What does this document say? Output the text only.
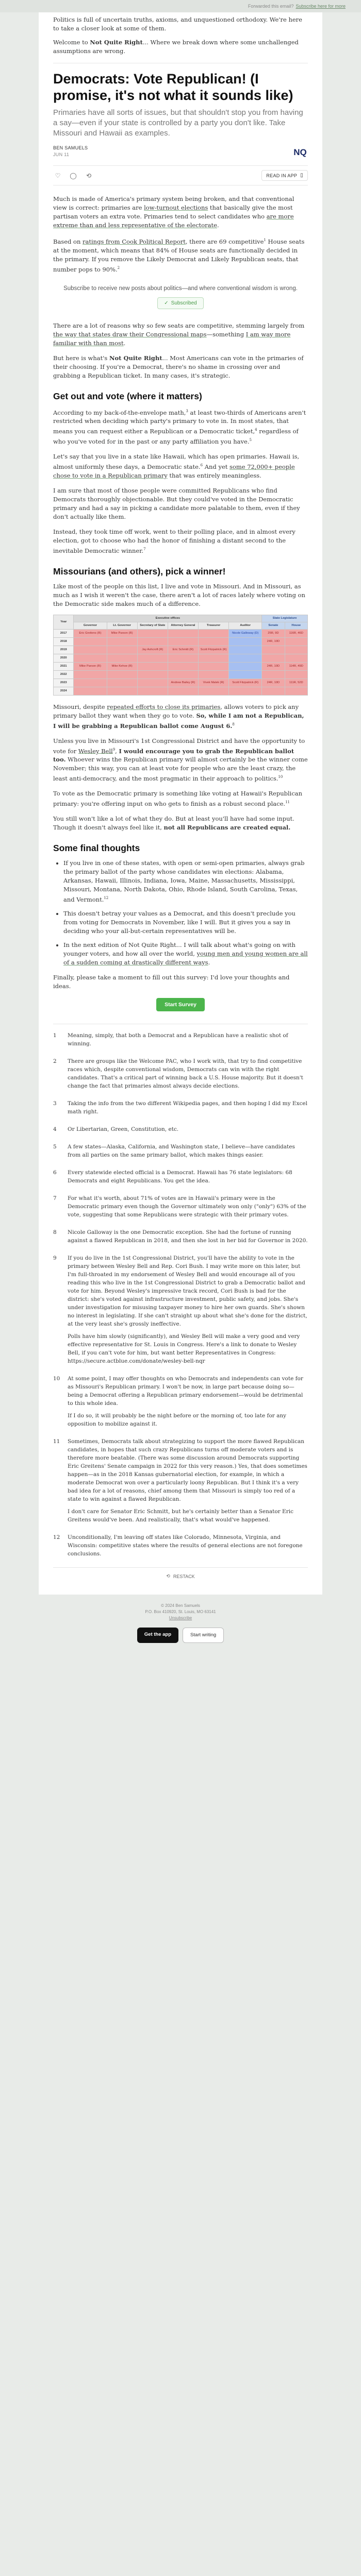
Forwarded this email? Subscribe here for more

Politics is full of uncertain truths, axioms, and unquestioned orthodoxy. We're here to take a closer look at some of them.

Welcome to Not Quite Right... Where we break down where some unchallenged assumptions are wrong.

Democrats: Vote Republican! (I promise, it's not what it sounds like)
Primaries have all sorts of issues, but that shouldn't stop you from having a say—even if your state is controlled by a party you don't like. Take Missouri and Hawaii as examples.
BEN SAMUELS
JUN 11	NQ
♡	◯	⟲	READ IN APP ▯

Much is made of America's primary system being broken, and that conventional view is correct: primaries are low-turnout elections that basically give the most partisan voters an extra vote. Primaries tend to select candidates who are more extreme than and less representative of the electorate.

Based on ratings from Cook Political Report, there are 69 competitive$^1$ House seats at the moment, which means that 84% of House seats are functionally decided in the primary. If you remove the Likely Democrat and Likely Republican seats, that number pops to 90%.$^2$

Subscribe to receive new posts about politics—and where conventional wisdom is wrong.
✓ Subscribed

There are a lot of reasons why so few seats are competitive, stemming largely from the way that states draw their Congressional maps—something I am way more familiar with than most.

But here is what's Not Quite Right... Most Americans can vote in the primaries of their choosing. If you're a Democrat, there's no shame in crossing over and grabbing a Republican ticket. In many cases, it's strategic.

Get out and vote (where it matters)

According to my back-of-the-envelope math,$^3$ at least two-thirds of Americans aren't restricted when deciding which party's primary to vote in. In most states, that means you can request either a Republican or a Democratic ticket,$^4$ regardless of who you've voted for in the past or any party affiliation you have.$^5$

Let's say that you live in a state like Hawaii, which has open primaries. Hawaii is, almost uniformly these days, a Democratic state.$^6$ And yet some 72,000+ people chose to vote in a Republican primary that was entirely meaningless.

I am sure that most of those people were committed Republicans who find Democrats thoroughly objectionable. But they could've voted in the Democratic primary and had a say in picking a candidate more palatable to them, even if they don't actually like them.

Instead, they took time off work, went to their polling place, and in almost every election, got to choose who had the honor of finishing a distant second to the inevitable Democratic winner.$^7$

Missourians (and others), pick a winner!

Like most of the people on this list, I live and vote in Missouri. And in Missouri, as much as I wish it weren't the case, there aren't a lot of races lately where voting on the Democratic side makes much of a difference.

Year	Executive offices						State Legislature	
	Governor	Lt. Governor	Secretary of State	Attorney General	Treasurer	Auditor	Senate	House
2017	Eric Greitens (R)	Mike Parson (R)				Nicole Galloway (D)	25R, 9D	116R, 46D
2018							24R, 10D	
2019			Jay Ashcroft (R)	Eric Schmitt (R)	Scott Fitzpatrick (R)			
2020								
2021	Mike Parson (R)	Mike Kehoe (R)					24R, 10D	114R, 49D
2022								
2023				Andrew Bailey (R)	Vivek Malek (R)	Scott Fitzpatrick (R)	24R, 10D	111R, 52D
2024								

Missouri, despite repeated efforts to close its primaries, allows voters to pick any primary ballot they want when they go to vote. So, while I am not a Republican, I will be grabbing a Republican ballot come August 6.$^8$

Unless you live in Missouri's 1st Congressional District and have the opportunity to vote for Wesley Bell$^9$, I would encourage you to grab the Republican ballot too. Whoever wins the Republican primary will almost certainly be the winner come November; this way, you can at least vote for people who are the least crazy, the least anti-democracy, and the most pragmatic in their approach to politics.$^{10}$

To vote as the Democratic primary is something like voting at Hawaii's Republican primary: you're offering input on who gets to finish as a robust second place.$^{11}$

You still won't like a lot of what they do. But at least you'll have had some input. Though it doesn't always feel like it, not all Republicans are created equal.

Some final thoughts
• If you live in one of these states, with open or semi-open primaries, always grab the primary ballot of the party whose candidates win elections: Alabama, Arkansas, Hawaii, Illinois, Indiana, Iowa, Maine, Massachusetts, Mississippi, Missouri, Montana, North Dakota, Ohio, Rhode Island, South Carolina, Texas, and Vermont.$^{12}$
• This doesn't betray your values as a Democrat, and this doesn't preclude you from voting for Democrats in November, like I will. But it gives you a say in deciding who your all-but-certain representatives will be.
• In the next edition of Not Quite Right... I will talk about what's going on with younger voters, and how all over the world, young men and young women are all of a sudden coming at drastically different ways.

Finally, please take a moment to fill out this survey: I'd love your thoughts and ideas.

Start Survey
1	Meaning, simply, that both a Democrat and a Republican have a realistic shot of winning.

2	There are groups like the Welcome PAC, who I work with, that try to find competitive races which, despite conventional wisdom, Democrats can win with the right candidates. That's a critical part of winning back a U.S. House majority. But it doesn't change the fact that primaries almost always decide elections.

3	Taking the info from the two different Wikipedia pages, and then hoping I did my Excel math right.

4	Or Libertarian, Green, Constitution, etc.

5	A few states—Alaska, California, and Washington state, I believe—have candidates from all parties on the same primary ballot, which makes things easier.

6	Every statewide elected official is a Democrat. Hawaii has 76 state legislators: 68 Democrats and eight Republicans. You get the idea.

7	For what it's worth, about 71% of votes are in Hawaii's primary were in the Democratic primary even though the Governor ultimately won only ("only") 63% of the vote, suggesting that some Republicans were strategic with their primary votes.

8	Nicole Galloway is the one Democratic exception. She had the fortune of running against a flawed Republican in 2018, and then she lost in her bid for Governor in 2020.

9	If you do live in the 1st Congressional District, you'll have the ability to vote in the primary between Wesley Bell and Rep. Cori Bush. I may write more on this later, but I'm full-throated in my endorsement of Wesley Bell and would encourage all of you reading this who live in the 1st Congressional District to grab a Democratic ballot and vote for him. Beyond Wesley's impressive track record, Cori Bush is bad for the district: she's voted against infrastructure investment, public safety, and jobs. She's under investigation for misusing taxpayer money to hire her own guards. She's shown no interest in legislating. If she can't straight up about what she's done for the district, at the very least she's grossly ineffective.

Polls have him slowly (significantly), and Wesley Bell will make a very good and very effective representative for St. Louis in Congress. Here's a link to donate to Wesley Bell, if you can't vote for him, but want better Representatives in Congress: https://secure.actblue.com/donate/wesley-bell-nqr

10 At some point, I may offer thoughts on who Democrats and independents can vote for as Missouri's Republican primary. I won't be now, in large part because doing so—being a Democrat offering a Republican primary endorsement—would be detrimental to this whole idea.

If I do so, it will probably be the night before or the morning of, too late for any opposition to mobilize against it.

11 Sometimes, Democrats talk about strategizing to support the more flawed Republican candidates, in hopes that such crazy Republicans turns off moderate voters and is therefore more beatable. (There was some discussion around Democrats supporting Eric Greitens' Senate campaign in 2022 for this very reason.) Yes, that does sometimes happen—as in the 2018 Kansas gubernatorial election, for example, in which a moderate Democrat won over a particularly loony Republican. But I think it's a very bad idea for a lot of reasons, chief among them that Missouri is simply too red of a state to win against a flawed Republican.

I don't care for Senator Eric Schmitt, but he's certainly better than a Senator Eric Greitens would've been. And realistically, that's what would've happened.

12 Unconditionally, I'm leaving off states like Colorado, Minnesota, Virginia, and Wisconsin: competitive states where the results of general elections are not foregone conclusions.

⟲ RESTACK
© 2024 Ben Samuels
P.O. Box 410920, St. Louis, MO 63141
Unsubscribe
Get the app	Start writing
